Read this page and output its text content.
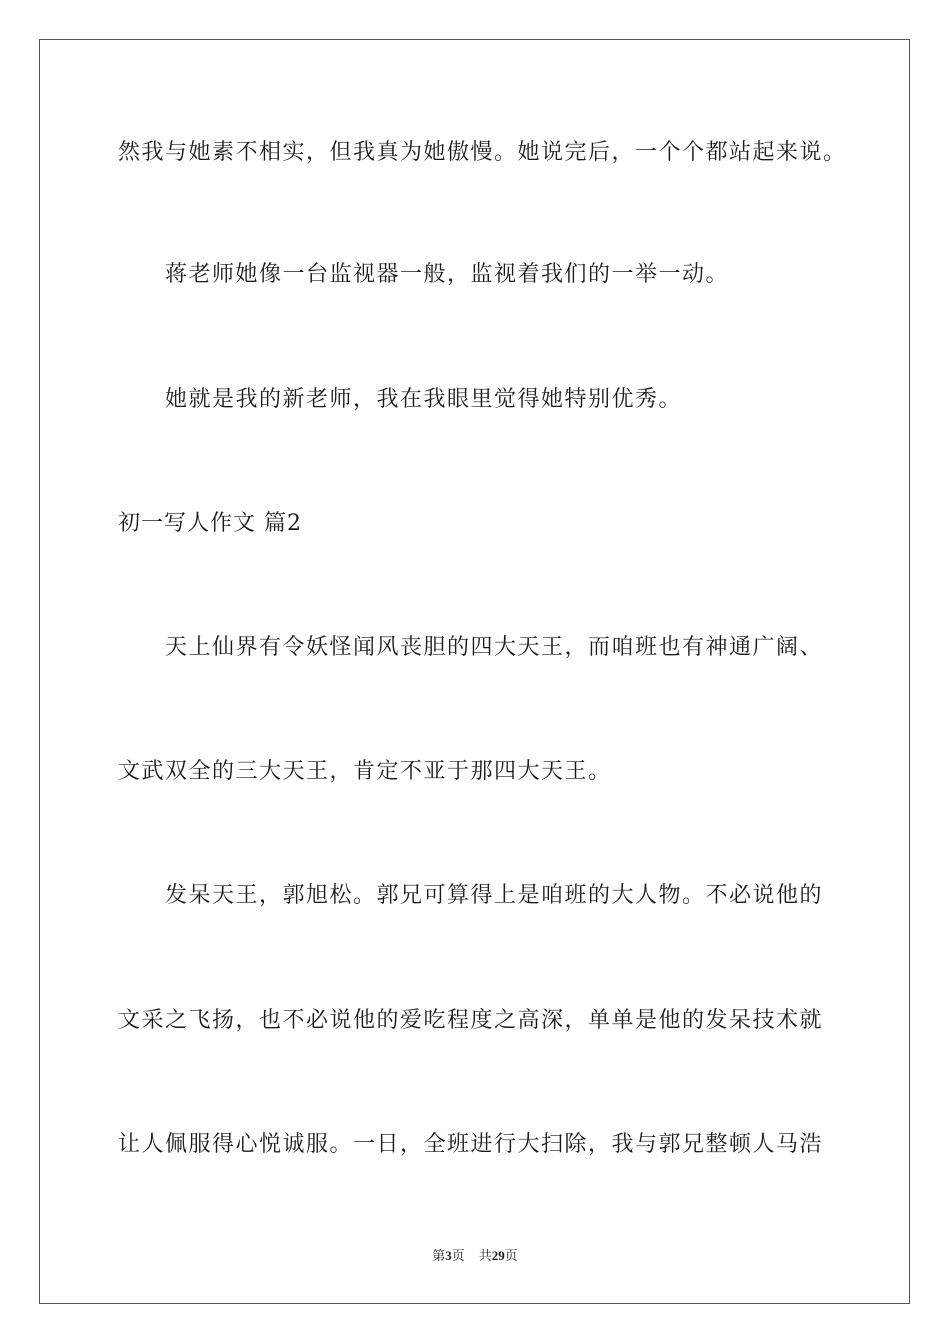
然我与她素不相实，但我真为她傲慢。她说完后，一个个都站起来说。
蒋老师她像一台监视器一般，监视着我们的一举一动。
她就是我的新老师，我在我眼里觉得她特别优秀。
初一写人作文 篇2
天上仙界有令妖怪闻风丧胆的四大天王，而咱班也有神通广阔、
文武双全的三大天王，肯定不亚于那四大天王。
发呆天王，郭旭松。郭兄可算得上是咱班的大人物。不必说他的
文采之飞扬，也不必说他的爱吃程度之高深，单单是他的发呆技术就
让人佩服得心悦诚服。一日，全班进行大扫除，我与郭兄整顿人马浩
第3页 共29页
